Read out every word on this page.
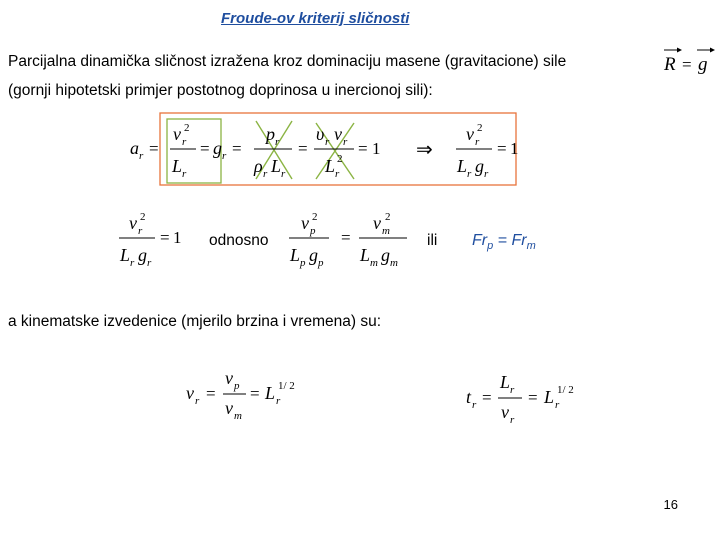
Froude-ov kriterij sličnosti
Parcijalna dinamička sličnost izražena kroz dominaciju masene (gravitacione) sile
(gornji hipotetski primjer postotnog doprinosa u inercionoj sili):
R = g
a r =
v r
2
L r
= g r =
p r
ρ r L r
=
υ r v r
L r
2
= 1 ⇒
v r
2
L r g r
= 1
v r
2
L r g r
= 1
v p
2
L p g p
=
v m
2
L m g m
odnosno	ili $Fr_p = Fr_m$
a kinematske izvedenice (mjerilo brzina i vremena) su:
v r =
v p
v m
= L r
1/ 2
t r =
L r
v r
= L r
1/ 2
16
